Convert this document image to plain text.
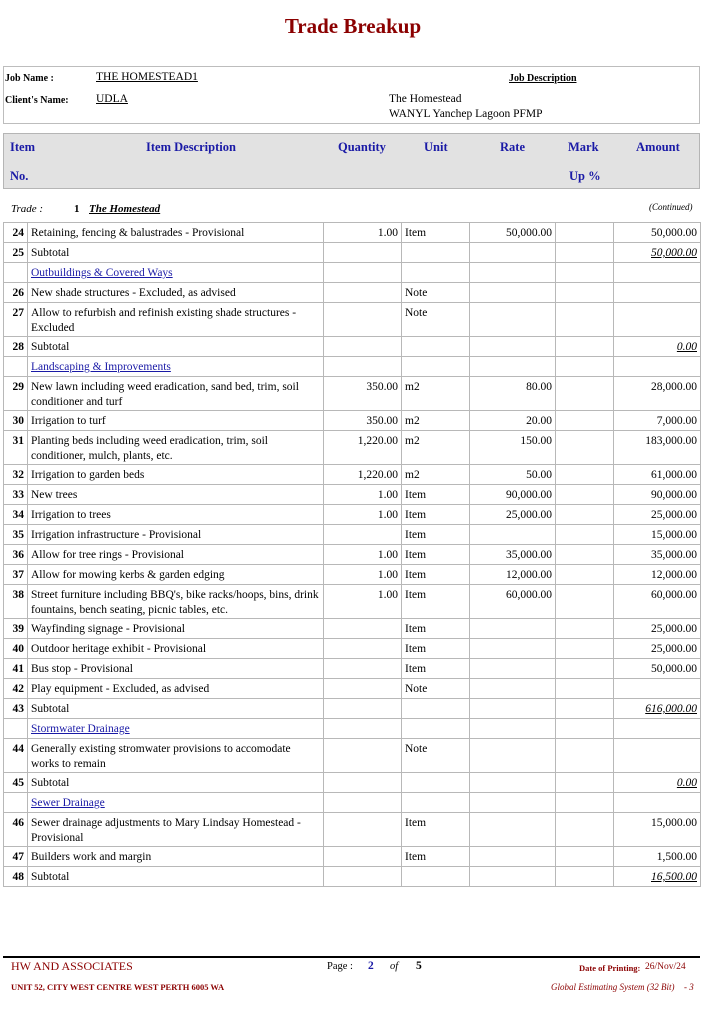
Trade Breakup
Job Name :	THE HOMESTEAD1	Job Description
Client's Name: UDLA	The Homestead
WANYL Yanchep Lagoon PFMP
Item
No.
Item Description	Quantity	Unit	Rate	Mark
Up %
Amount
Trade :	1 The Homestead	(Continued)
24	Retaining, fencing & balustrades - Provisional	1.00	Item	50,000.00		50,000.00
25	Subtotal					50,000.00
	Outbuildings & Covered Ways					
26	New shade structures - Excluded, as advised		Note			
27	Allow to refurbish and refinish existing shade structures - Excluded		Note			
28	Subtotal					0.00
	Landscaping & Improvements					
29	New lawn including weed eradication, sand bed, trim, soil conditioner and turf	350.00	m2	80.00		28,000.00
30	Irrigation to turf	350.00	m2	20.00		7,000.00
31	Planting beds including weed eradication, trim, soil conditioner, mulch, plants, etc.	1,220.00	m2	150.00		183,000.00
32	Irrigation to garden beds	1,220.00	m2	50.00		61,000.00
33	New trees	1.00	Item	90,000.00		90,000.00
34	Irrigation to trees	1.00	Item	25,000.00		25,000.00
35	Irrigation infrastructure - Provisional		Item			15,000.00
36	Allow for tree rings - Provisional	1.00	Item	35,000.00		35,000.00
37	Allow for mowing kerbs & garden edging	1.00	Item	12,000.00		12,000.00
38	Street furniture including BBQ's, bike racks/hoops, bins, drink fountains, bench seating, picnic tables, etc.	1.00	Item	60,000.00		60,000.00
39	Wayfinding signage - Provisional		Item			25,000.00
40	Outdoor heritage exhibit - Provisional		Item			25,000.00
41	Bus stop - Provisional		Item			50,000.00
42	Play equipment - Excluded, as advised		Note			
43	Subtotal					616,000.00
	Stormwater Drainage					
44	Generally existing stromwater provisions to accomodate works to remain		Note			
45	Subtotal					0.00
	Sewer Drainage					
46	Sewer drainage adjustments to Mary Lindsay Homestead - Provisional		Item			15,000.00
47	Builders work and margin		Item			1,500.00
48	Subtotal					16,500.00
HW AND ASSOCIATES	Page : 2 of 5	Date of Printing: 26/Nov/24
UNIT 52, CITY WEST CENTRE WEST PERTH 6005 WA	Global Estimating System (32 Bit) - 3
